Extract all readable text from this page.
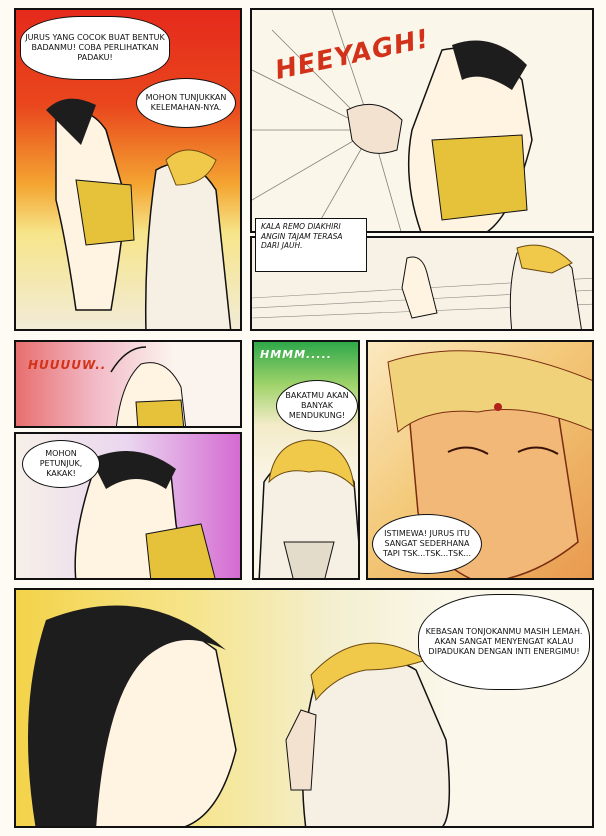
JURUS YANG COCOK BUAT BENTUK BADANMU! COBA PERLIHATKAN PADAKU!
MOHON TUNJUKKAN KELEMAHAN-NYA.
HEEYAGH!
KALA REMO DIAKHIRI ANGIN TAJAM TERASA DARI JAUH.
HUUUUW..
MOHON PETUNJUK, KAKAK!
HMMM.....
BAKATMU AKAN BANYAK MENDUKUNG!
ISTIMEWA! JURUS ITU SANGAT SEDERHANA TAPI TSK...TSK...TSK...
KEBASAN TONJOKANMU MASIH LEMAH. AKAN SANGAT MENYENGAT KALAU DIPADUKAN DENGAN INTI ENERGIMU!
